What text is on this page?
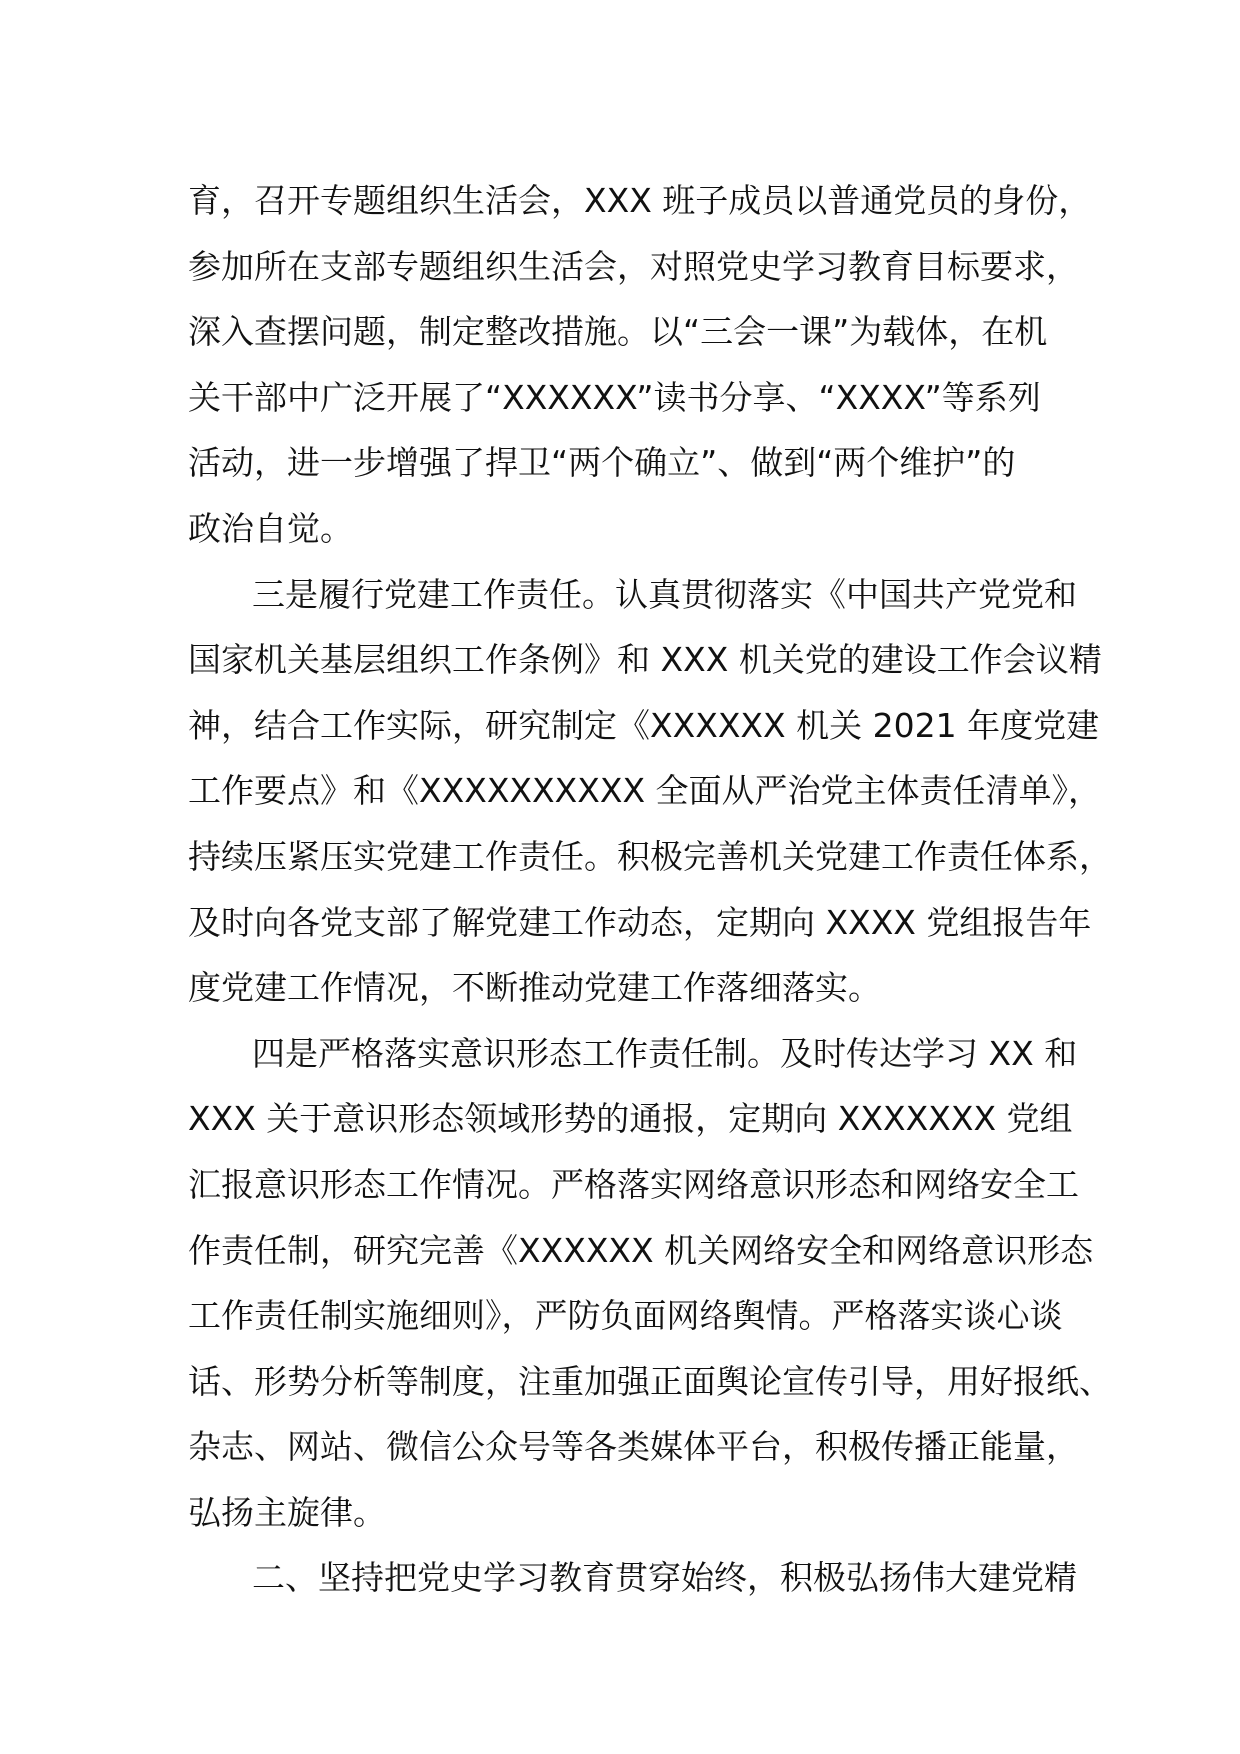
育，召开专题组织生活会，XXX 班子成员以普通党员的身份，
参加所在支部专题组织生活会，对照党史学习教育目标要求，
深入查摆问题，制定整改措施。以“三会一课”为载体，在机
关干部中广泛开展了“XXXXXX”读书分享、“XXXX”等系列
活动，进一步增强了捍卫“两个确立”、做到“两个维护”的
政治自觉。
三是履行党建工作责任。认真贯彻落实《中国共产党党和
国家机关基层组织工作条例》和 XXX 机关党的建设工作会议精
神，结合工作实际，研究制定《XXXXXX 机关 2021 年度党建
工作要点》和《XXXXXXXXXX 全面从严治党主体责任清单》，
持续压紧压实党建工作责任。积极完善机关党建工作责任体系，
及时向各党支部了解党建工作动态，定期向 XXXX 党组报告年
度党建工作情况，不断推动党建工作落细落实。
四是严格落实意识形态工作责任制。及时传达学习 XX 和
XXX 关于意识形态领域形势的通报，定期向 XXXXXXX 党组
汇报意识形态工作情况。严格落实网络意识形态和网络安全工
作责任制，研究完善《XXXXXX 机关网络安全和网络意识形态
工作责任制实施细则》，严防负面网络舆情。严格落实谈心谈
话、形势分析等制度，注重加强正面舆论宣传引导，用好报纸、
杂志、网站、微信公众号等各类媒体平台，积极传播正能量，
弘扬主旋律。
二、坚持把党史学习教育贯穿始终，积极弘扬伟大建党精
